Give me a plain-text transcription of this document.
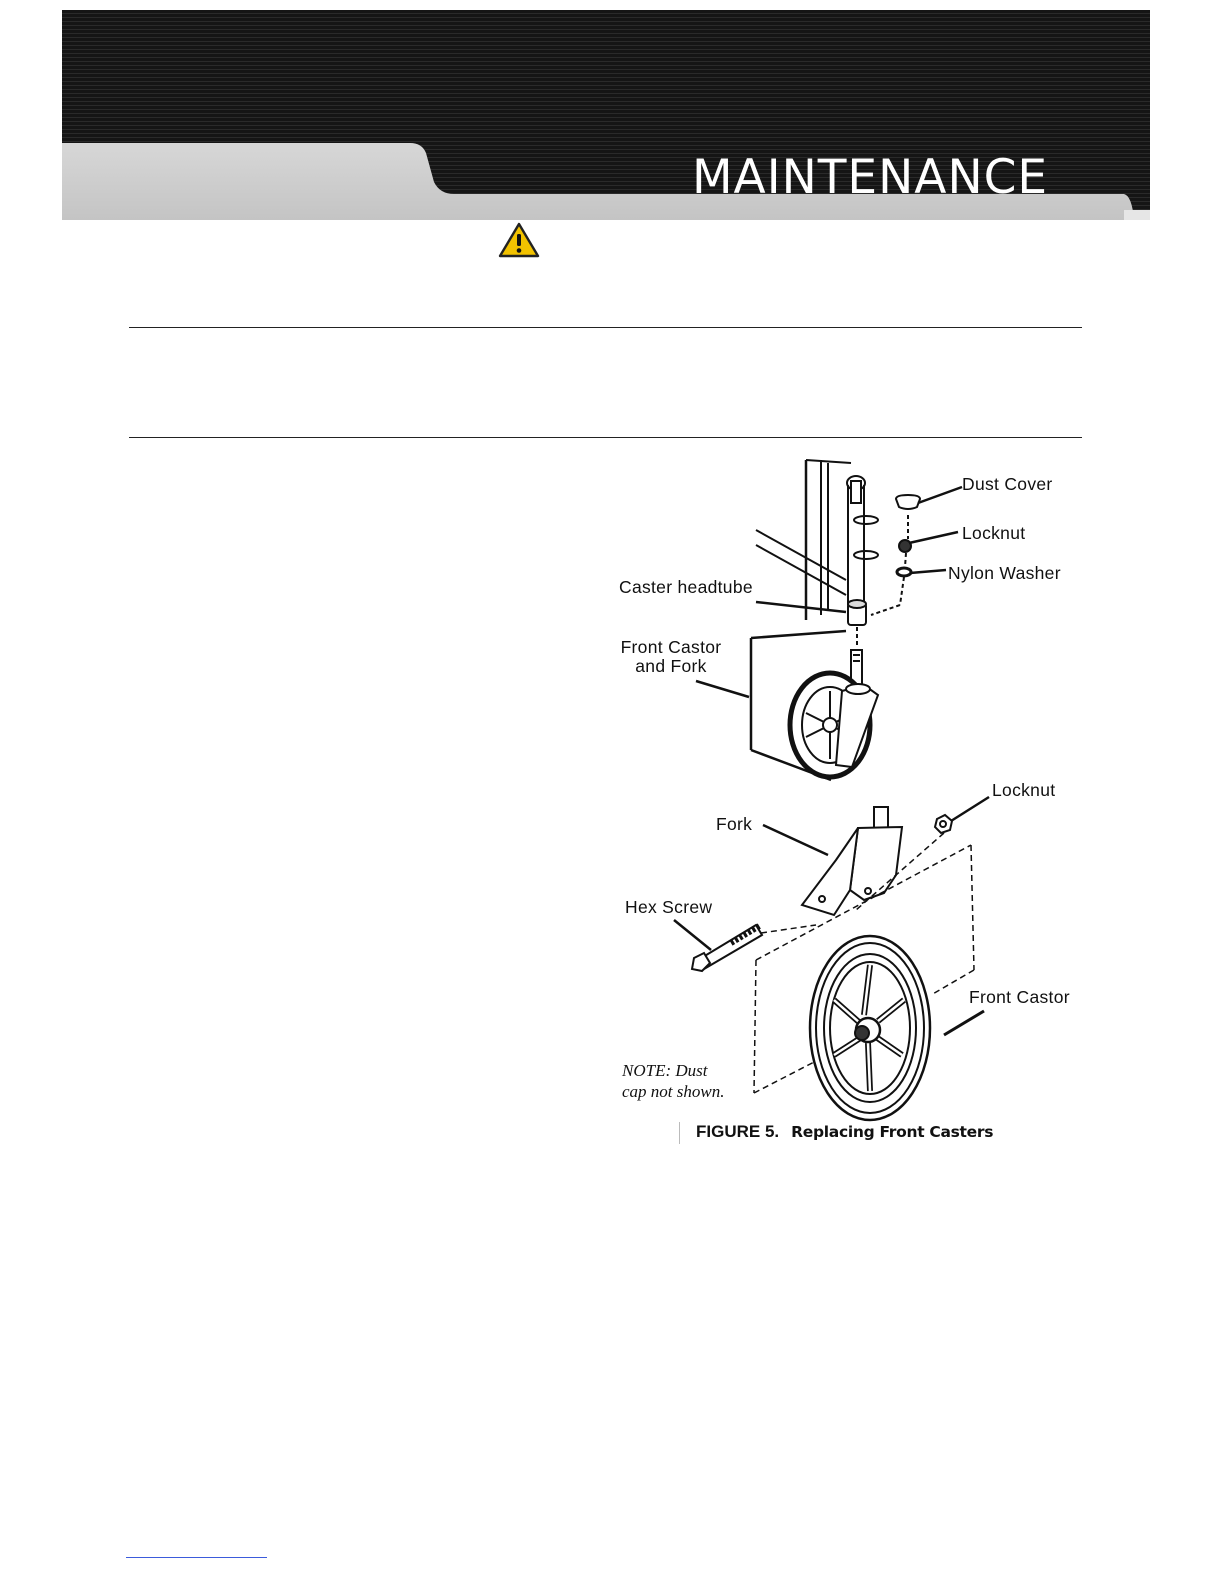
MAINTENANCE
Dust Cover
Locknut
Nylon Washer
Caster headtube
Front Castor
and Fork
Locknut
Fork
Hex Screw
Front Castor
NOTE: Dust
cap not shown.
FIGURE 5. Replacing Front Casters
